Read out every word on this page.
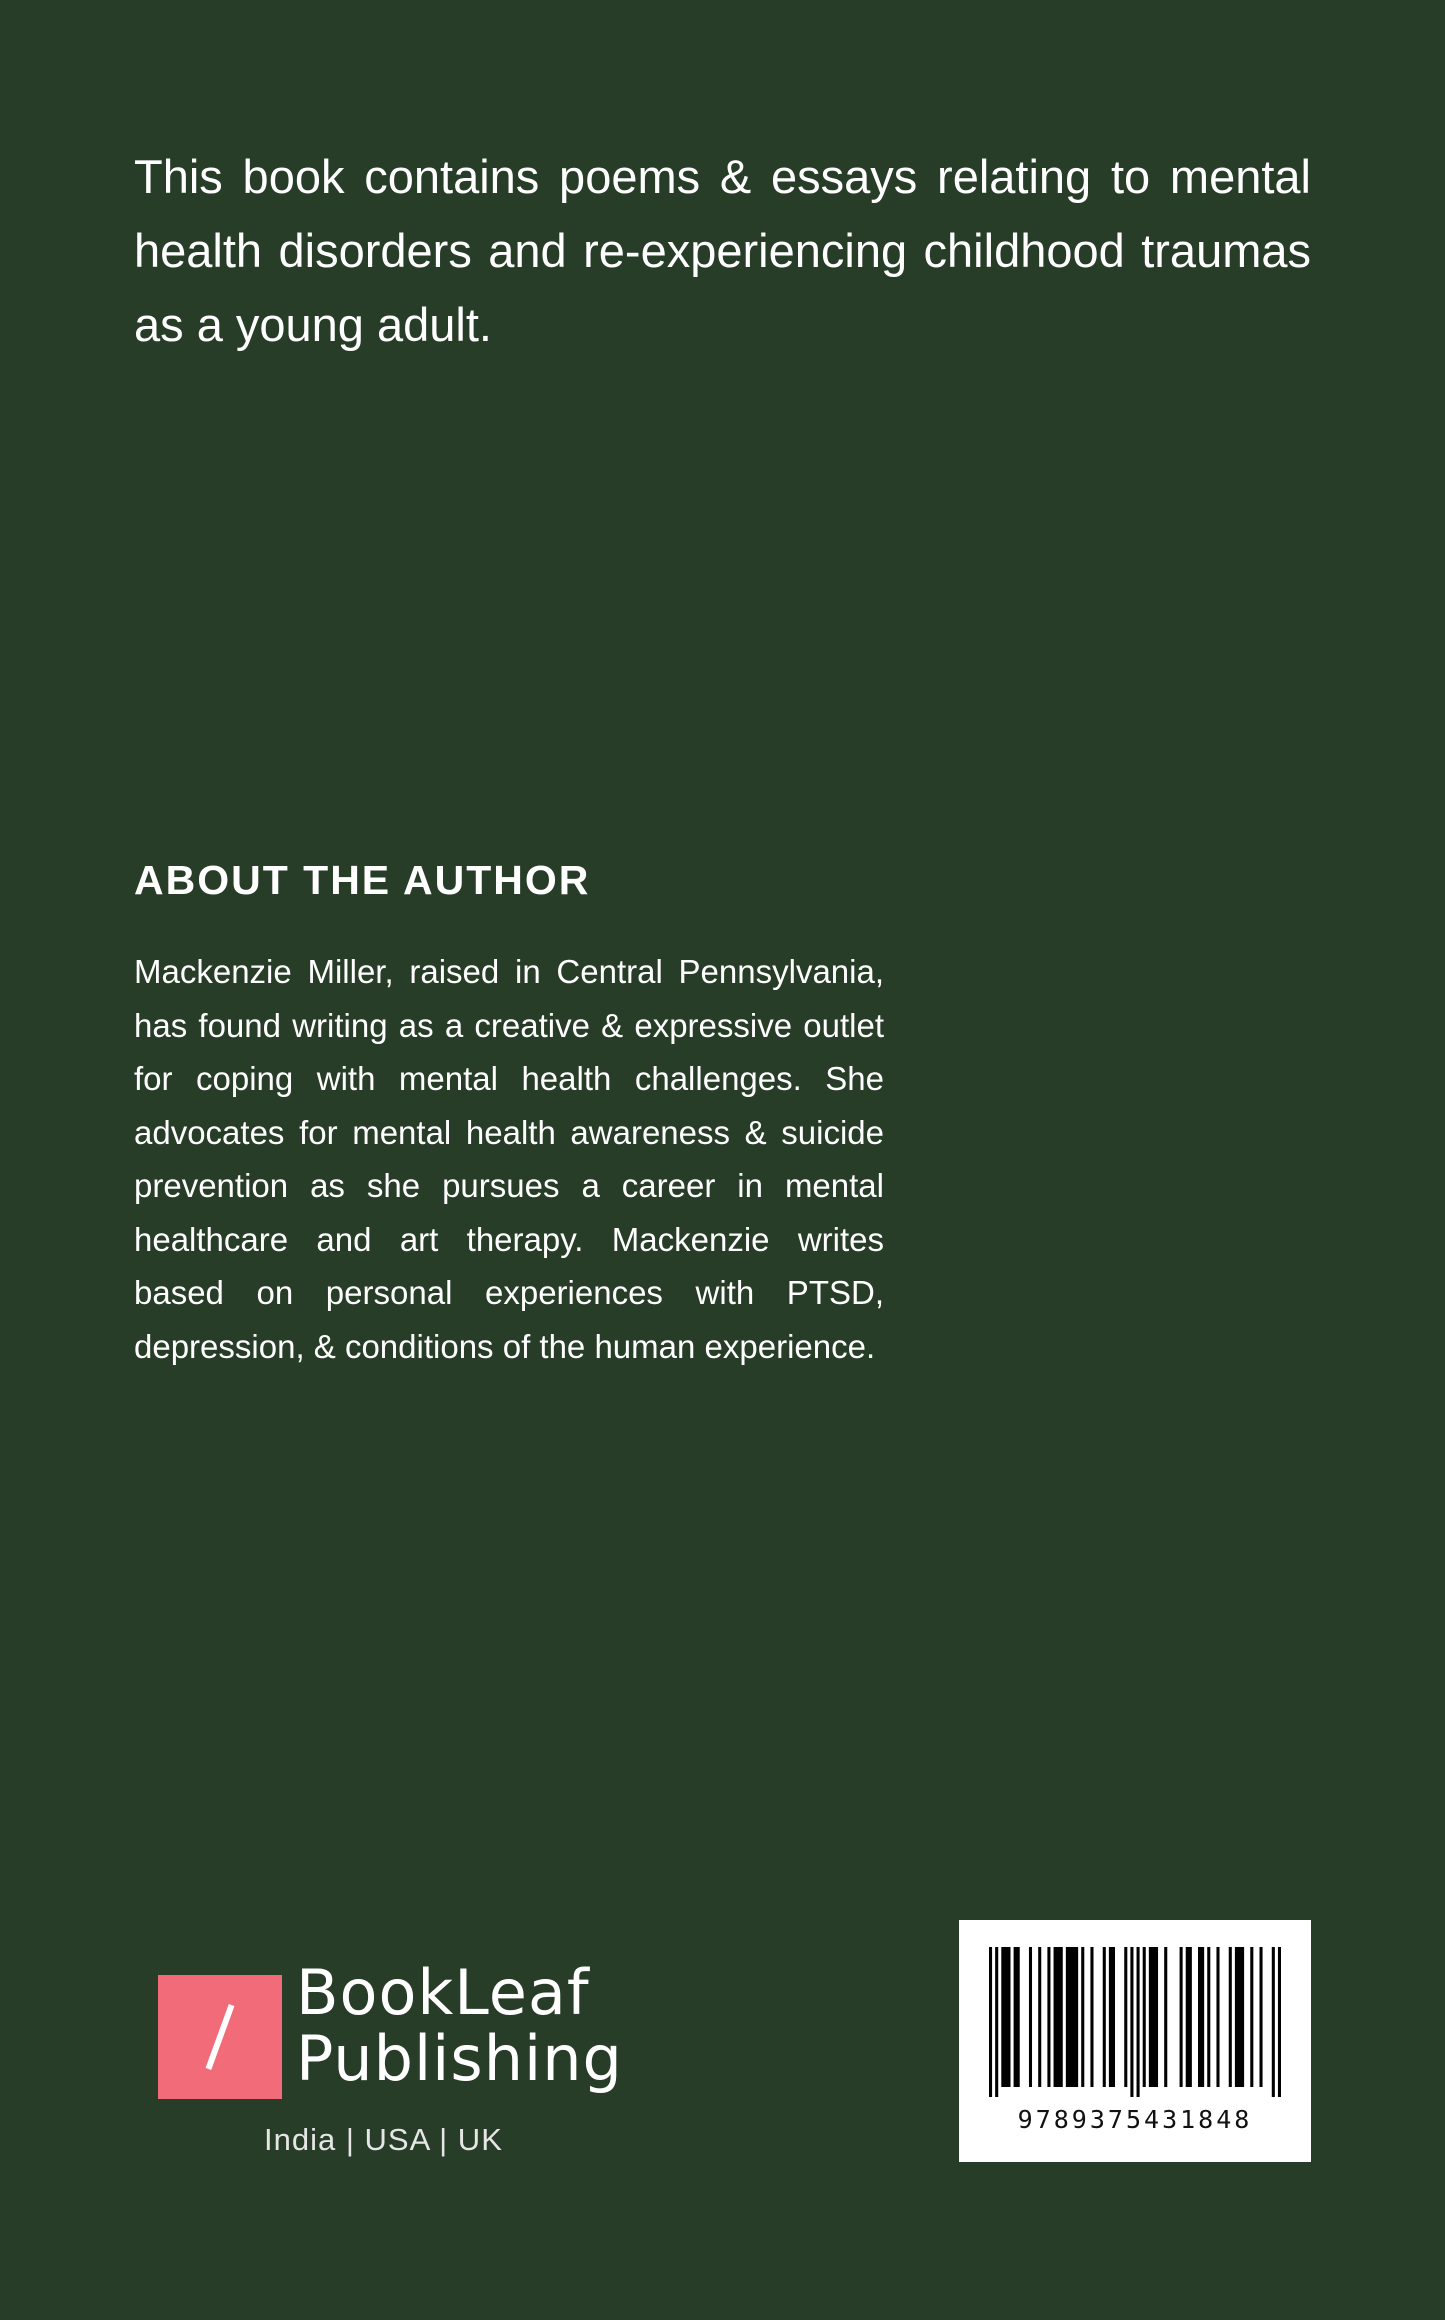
This book contains poems & essays relating to mental health disorders and re-experiencing childhood traumas as a young adult.

ABOUT THE AUTHOR

Mackenzie Miller, raised in Central Pennsylvania, has found writing as a creative & expressive outlet for coping with mental health challenges. She advocates for mental health awareness & suicide prevention as she pursues a career in mental healthcare and art therapy. Mackenzie writes based on personal experiences with PTSD, depression, & conditions of the human experience.

BookLeaf
Publishing
India | USA | UK
9789375431848
